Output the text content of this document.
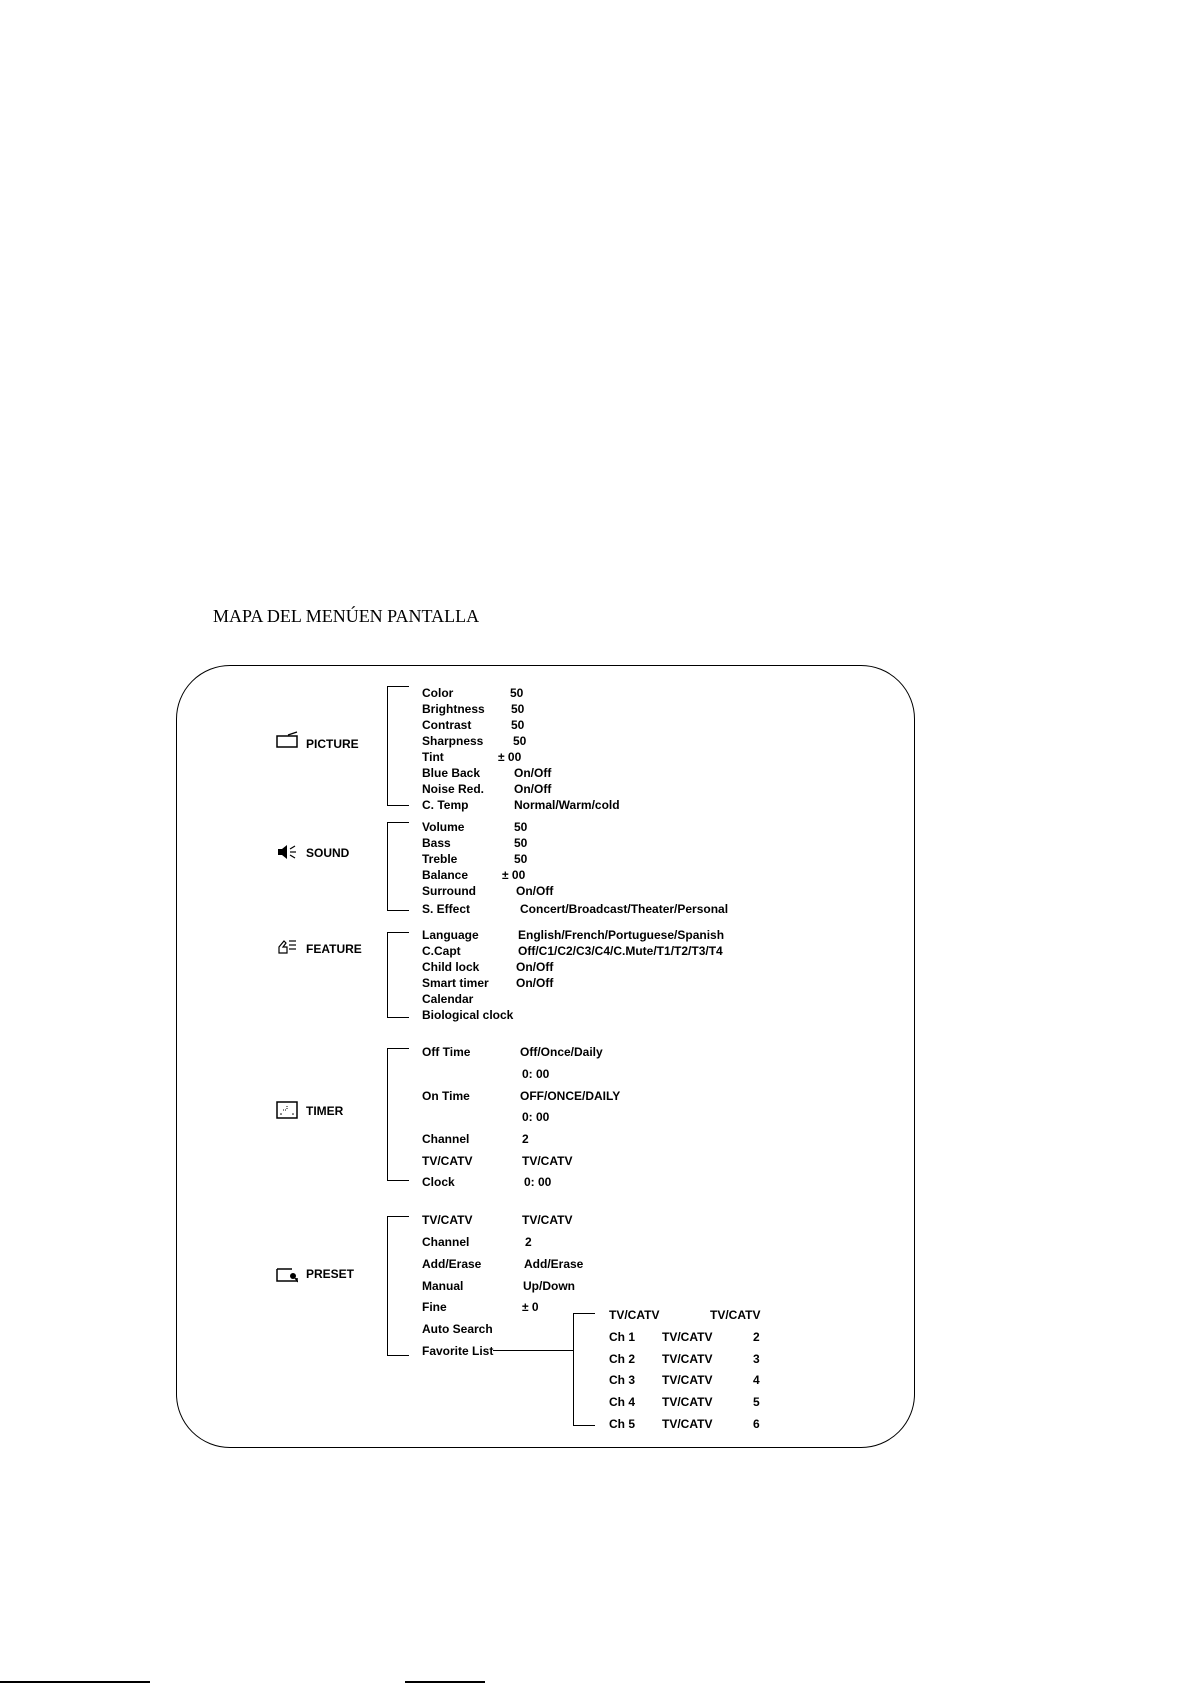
MAPA DEL MENÚEN PANTALLA
PICTURE
Color	50
Brightness 50
Contrast	50
Sharpness 50
Tint	± 00
Blue Back	On/Off
Noise Red. On/Off
C. Temp	Normal/Warm/cold
SOUND
Volume	50
Bass	50
Treble	50
Balance	± 00
Surround	On/Off
S. Effect	Concert/Broadcast/Theater/Personal
FEATURE
Language	English/French/Portuguese/Spanish
C.Capt	Off/C1/C2/C3/C4/C.Mute/T1/T2/T3/T4
Child lock	On/Off
Smart timer On/Off
Calendar
Biological clock
TIMER
Off Time	Off/Once/Daily
0: 00
On Time	OFF/ONCE/DAILY
0: 00
Channel	2
TV/CATV	TV/CATV
Clock	0: 00
PRESET
TV/CATV	TV/CATV
Channel	2
Add/Erase	Add/Erase
Manual	Up/Down
Fine	± 0
Auto Search
Favorite List
TV/CATV	TV/CATV
Ch 1 TV/CATV	2
Ch 2 TV/CATV	3
Ch 3 TV/CATV	4
Ch 4 TV/CATV	5
Ch 5 TV/CATV	6
